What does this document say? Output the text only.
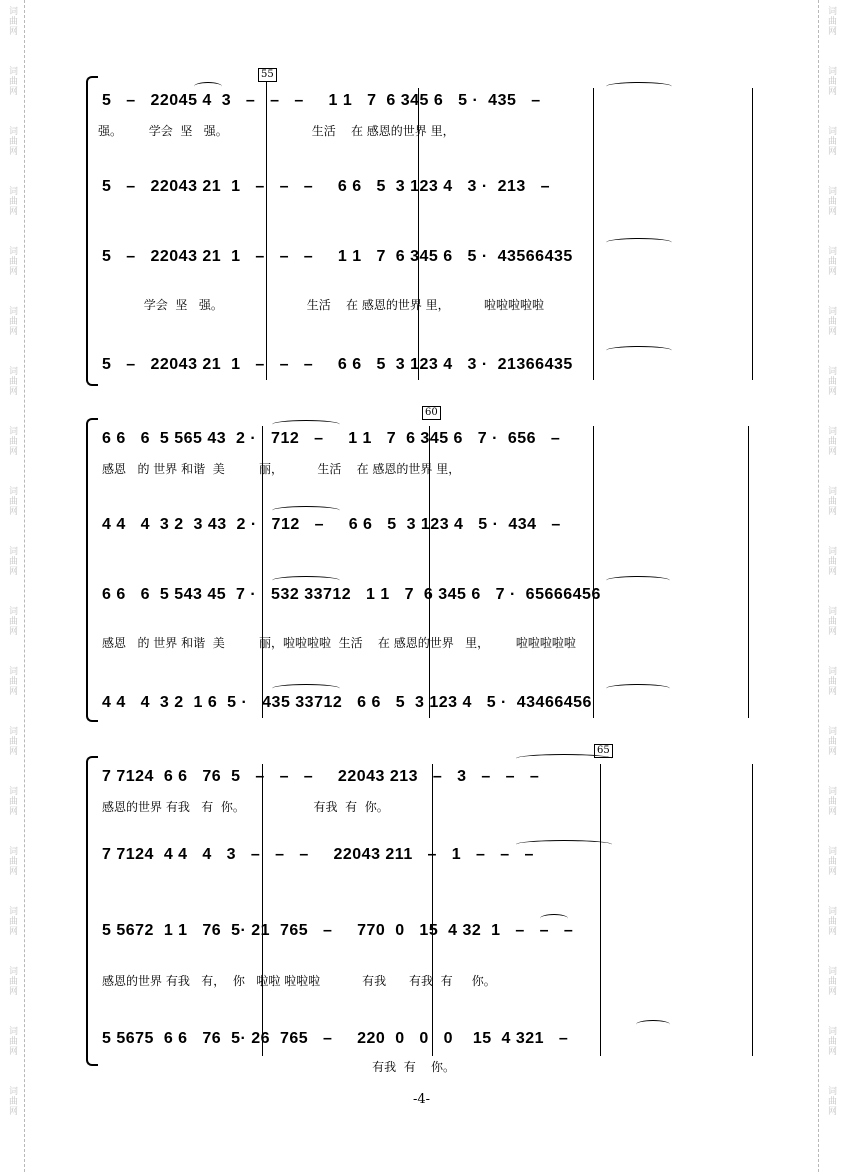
词曲网
词曲网
词曲网
词曲网
词曲网
词曲网
词曲网
词曲网
词曲网
词曲网
词曲网
词曲网
词曲网
词曲网
词曲网
词曲网
词曲网
词曲网
词曲网
词曲网
词曲网
词曲网
词曲网
词曲网
词曲网
词曲网
词曲网
词曲网
词曲网
词曲网
词曲网
词曲网
词曲网
词曲网
词曲网
词曲网
词曲网
词曲网
55
5   –   22045 4  3   –   –   –     1 1   7  6 345 6   5 ·  435   –
强。       学会  坚   强。                      生活    在 感恩的世界 里，
5   –   22043 21  1   –   –   –     6 6   5  3 123 4   3 ·  213   –
5   –   22043 21  1   –   –   –     1 1   7  6 345 6   5 ·  43566435
学会  坚   强。                      生活    在 感恩的世界 里，         啦啦啦啦啦
5   –   22043 21  1   –   –   –     6 6   5  3 123 4   3 ·  21366435
60
6 6   6  5 565 43  2 ·   712   –     1 1   7  6 345 6   7 ·  656   –
感恩   的 世界 和谐  美         丽，         生活    在 感恩的世界 里，
4 4   4  3 2  3 43  2 ·   712   –     6 6   5  3 123 4   5 ·  434   –
6 6   6  5 543 45  7 ·   532 33712   1 1   7  6 345 6   7 ·  65666456
感恩   的 世界 和谐  美         丽，啦啦啦啦  生活    在 感恩的世界   里，       啦啦啦啦啦
4 4   4  3 2  1 6  5 ·   435 33712   6 6   5  3 123 4   5 ·  43466456
65
7 7124  6 6   76  5   –   –   –     22043 213   –   3   –   –   –
感恩的世界 有我   有  你。                  有我  有  你。
7 7124  4 4   4   3   –   –   –     22043 211   –   1   –   –   –
5 5672  1 1   76  5· 21  765   –     770  0   15  4 32  1   –   –   –
感恩的世界 有我   有，  你   啦啦 啦啦啦           有我      有我  有     你。
5 5675  6 6   76  5· 26  765   –     220  0   0   0    15  4 321   –
有我  有    你。
-4-
